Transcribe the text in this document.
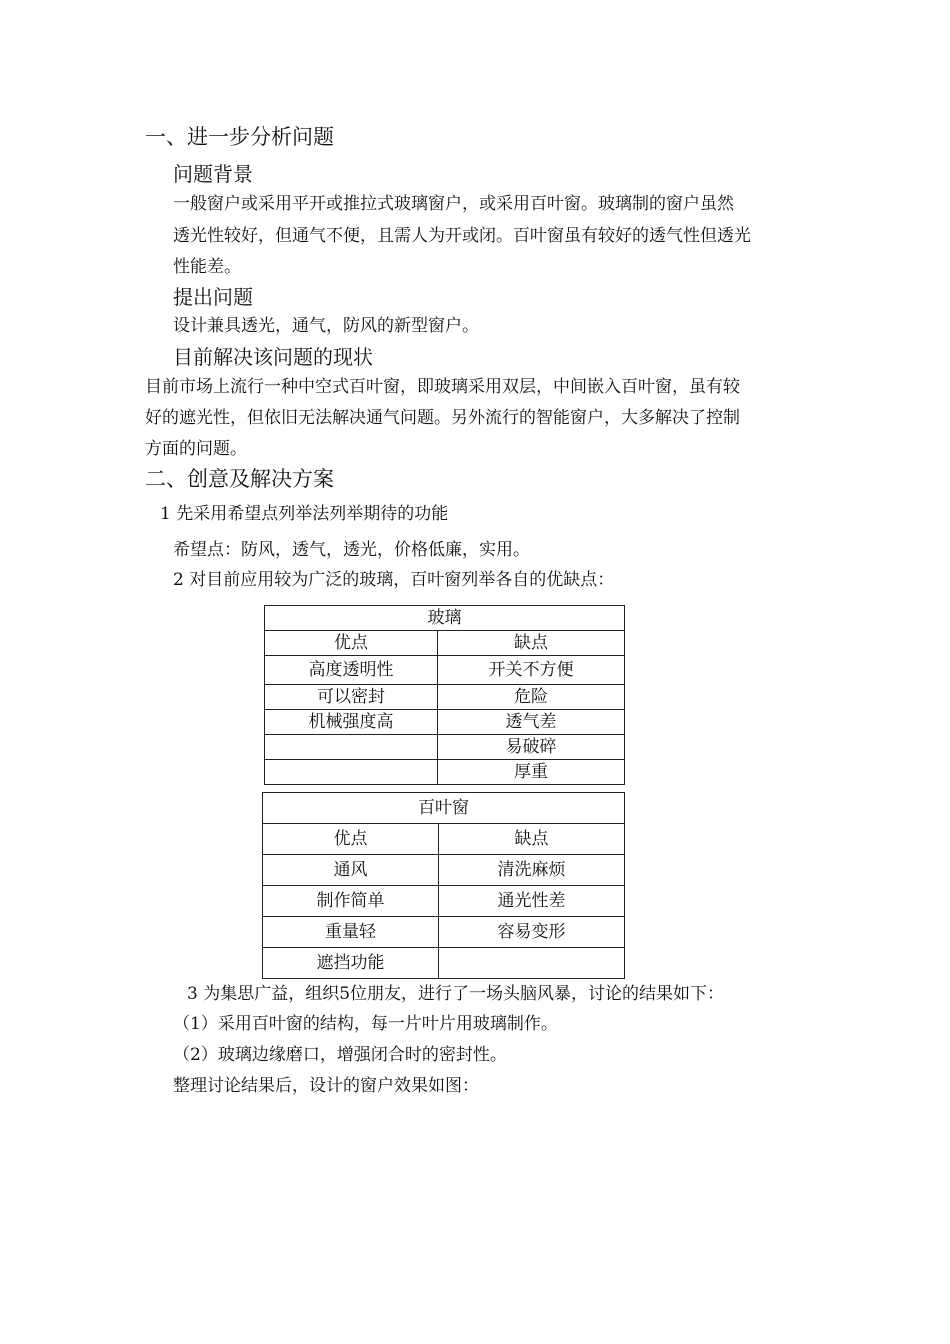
一、进一步分析问题
问题背景
一般窗户或采用平开或推拉式玻璃窗户，或采用百叶窗。玻璃制的窗户虽然
透光性较好，但通气不便，且需人为开或闭。百叶窗虽有较好的透气性但透光
性能差。
提出问题
设计兼具透光，通气，防风的新型窗户。
目前解决该问题的现状
目前市场上流行一种中空式百叶窗，即玻璃采用双层，中间嵌入百叶窗，虽有较
好的遮光性，但依旧无法解决通气问题。另外流行的智能窗户，大多解决了控制
方面的问题。
二、创意及解决方案
1 先采用希望点列举法列举期待的功能
希望点：防风，透气，透光，价格低廉，实用。
2 对目前应用较为广泛的玻璃，百叶窗列举各自的优缺点：
玻璃	
优点	缺点
高度透明性	开关不方便
可以密封	危险
机械强度高	透气差
	易破碎
	厚重
百叶窗	
优点	缺点
通风	清洗麻烦
制作简单	通光性差
重量轻	容易变形
遮挡功能	
3 为集思广益，组织5位朋友，进行了一场头脑风暴，讨论的结果如下：
（1）采用百叶窗的结构，每一片叶片用玻璃制作。
（2）玻璃边缘磨口，增强闭合时的密封性。
整理讨论结果后，设计的窗户效果如图：
